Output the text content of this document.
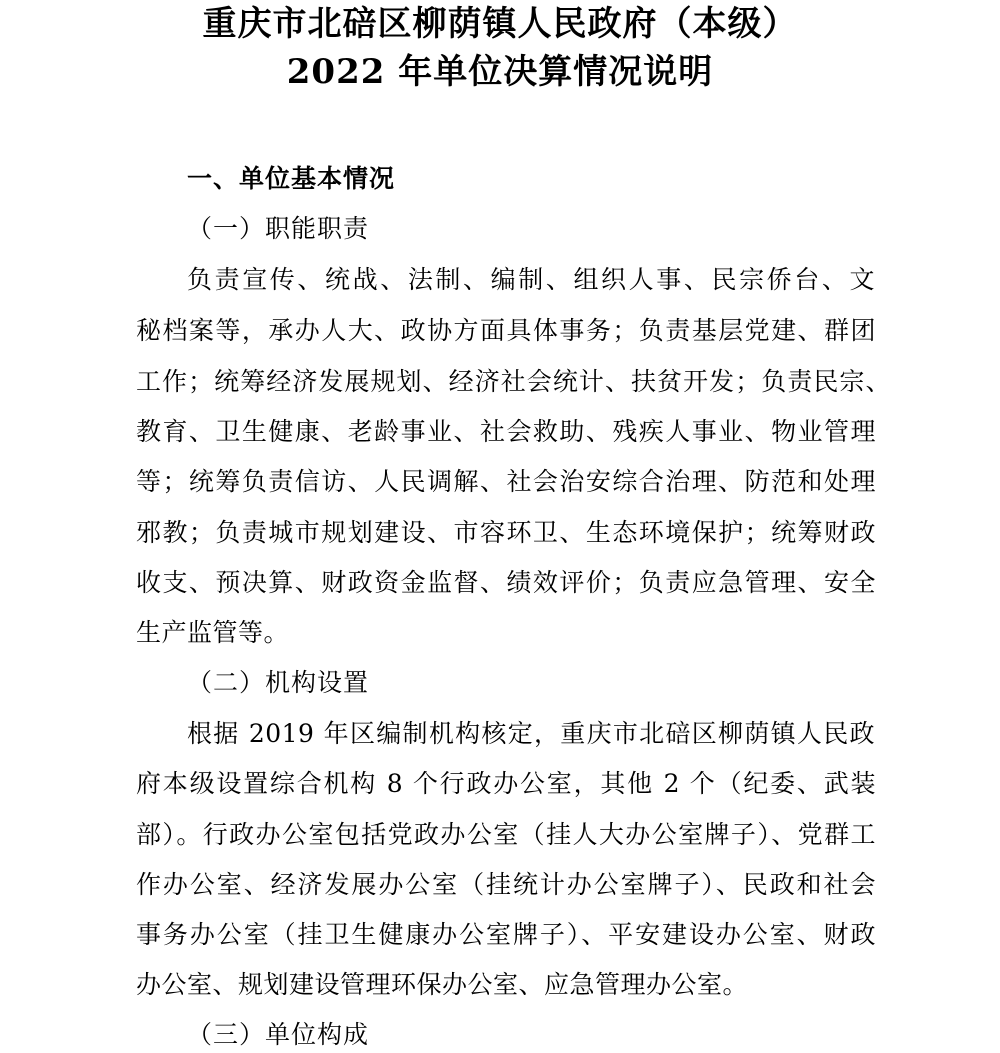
重庆市北碚区柳荫镇人民政府（本级）
2022 年单位决算情况说明
一、单位基本情况
（一）职能职责
负责宣传、统战、法制、编制、组织人事、民宗侨台、文
秘档案等，承办人大、政协方面具体事务；负责基层党建、群团
工作；统筹经济发展规划、经济社会统计、扶贫开发；负责民宗、
教育、卫生健康、老龄事业、社会救助、残疾人事业、物业管理
等；统筹负责信访、人民调解、社会治安综合治理、防范和处理
邪教；负责城市规划建设、市容环卫、生态环境保护；统筹财政
收支、预决算、财政资金监督、绩效评价；负责应急管理、安全
生产监管等。
（二）机构设置
根据 2019 年区编制机构核定，重庆市北碚区柳荫镇人民政
府本级设置综合机构 8 个行政办公室，其他 2 个（纪委、武装
部）。行政办公室包括党政办公室（挂人大办公室牌子）、党群工
作办公室、经济发展办公室（挂统计办公室牌子）、民政和社会
事务办公室（挂卫生健康办公室牌子）、平安建设办公室、财政
办公室、规划建设管理环保办公室、应急管理办公室。
（三）单位构成
